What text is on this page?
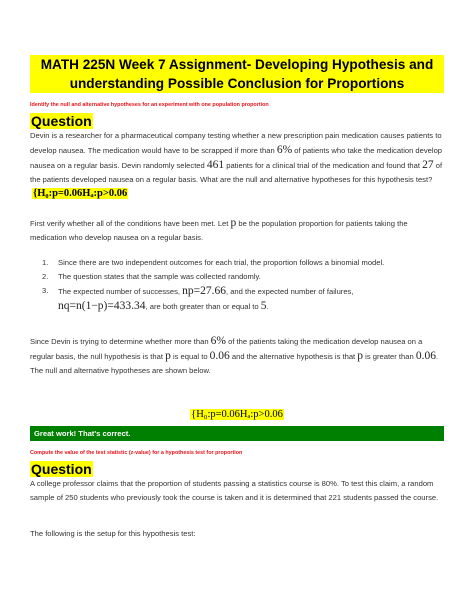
MATH 225N Week 7 Assignment- Developing Hypothesis and
understanding Possible Conclusion for Proportions
Identify the null and alternative hypotheses for an experiment with one population proportion
Question

Devin is a researcher for a pharmaceutical company testing whether a new prescription pain medication causes patients to develop nausea. The medication would have to be scrapped if more than 6% of patients who take the medication develop nausea on a regular basis. Devin randomly selected 461 patients for a clinical trial of the medication and found that 27 of the patients developed nausea on a regular basis. What are the null and alternative hypotheses for this hypothesis test?  {H₀:p=0.06Hₐ:p>0.06

First verify whether all of the conditions have been met. Let p be the population proportion for patients taking the medication who develop nausea on a regular basis.

1. Since there are two independent outcomes for each trial, the proportion follows a binomial model.
2. The question states that the sample was collected randomly.
3. The expected number of successes, np=27.66, and the expected number of failures, nq=n(1−p)=433.34, are both greater than or equal to 5.

Since Devin is trying to determine whether more than 6% of the patients taking the medication develop nausea on a regular basis, the null hypothesis is that p is equal to 0.06 and the alternative hypothesis is that p is greater than 0.06. The null and alternative hypotheses are shown below.

{H₀:p=0.06Hₐ:p>0.06
Great work! That's correct.
Compute the value of the test statistic (z-value) for a hypothesis test for proportion
Question

A college professor claims that the proportion of students passing a statistics course is 80%. To test this claim, a random sample of 250 students who previously took the course is taken and it is determined that 221 students passed the course.

The following is the setup for this hypothesis test:
